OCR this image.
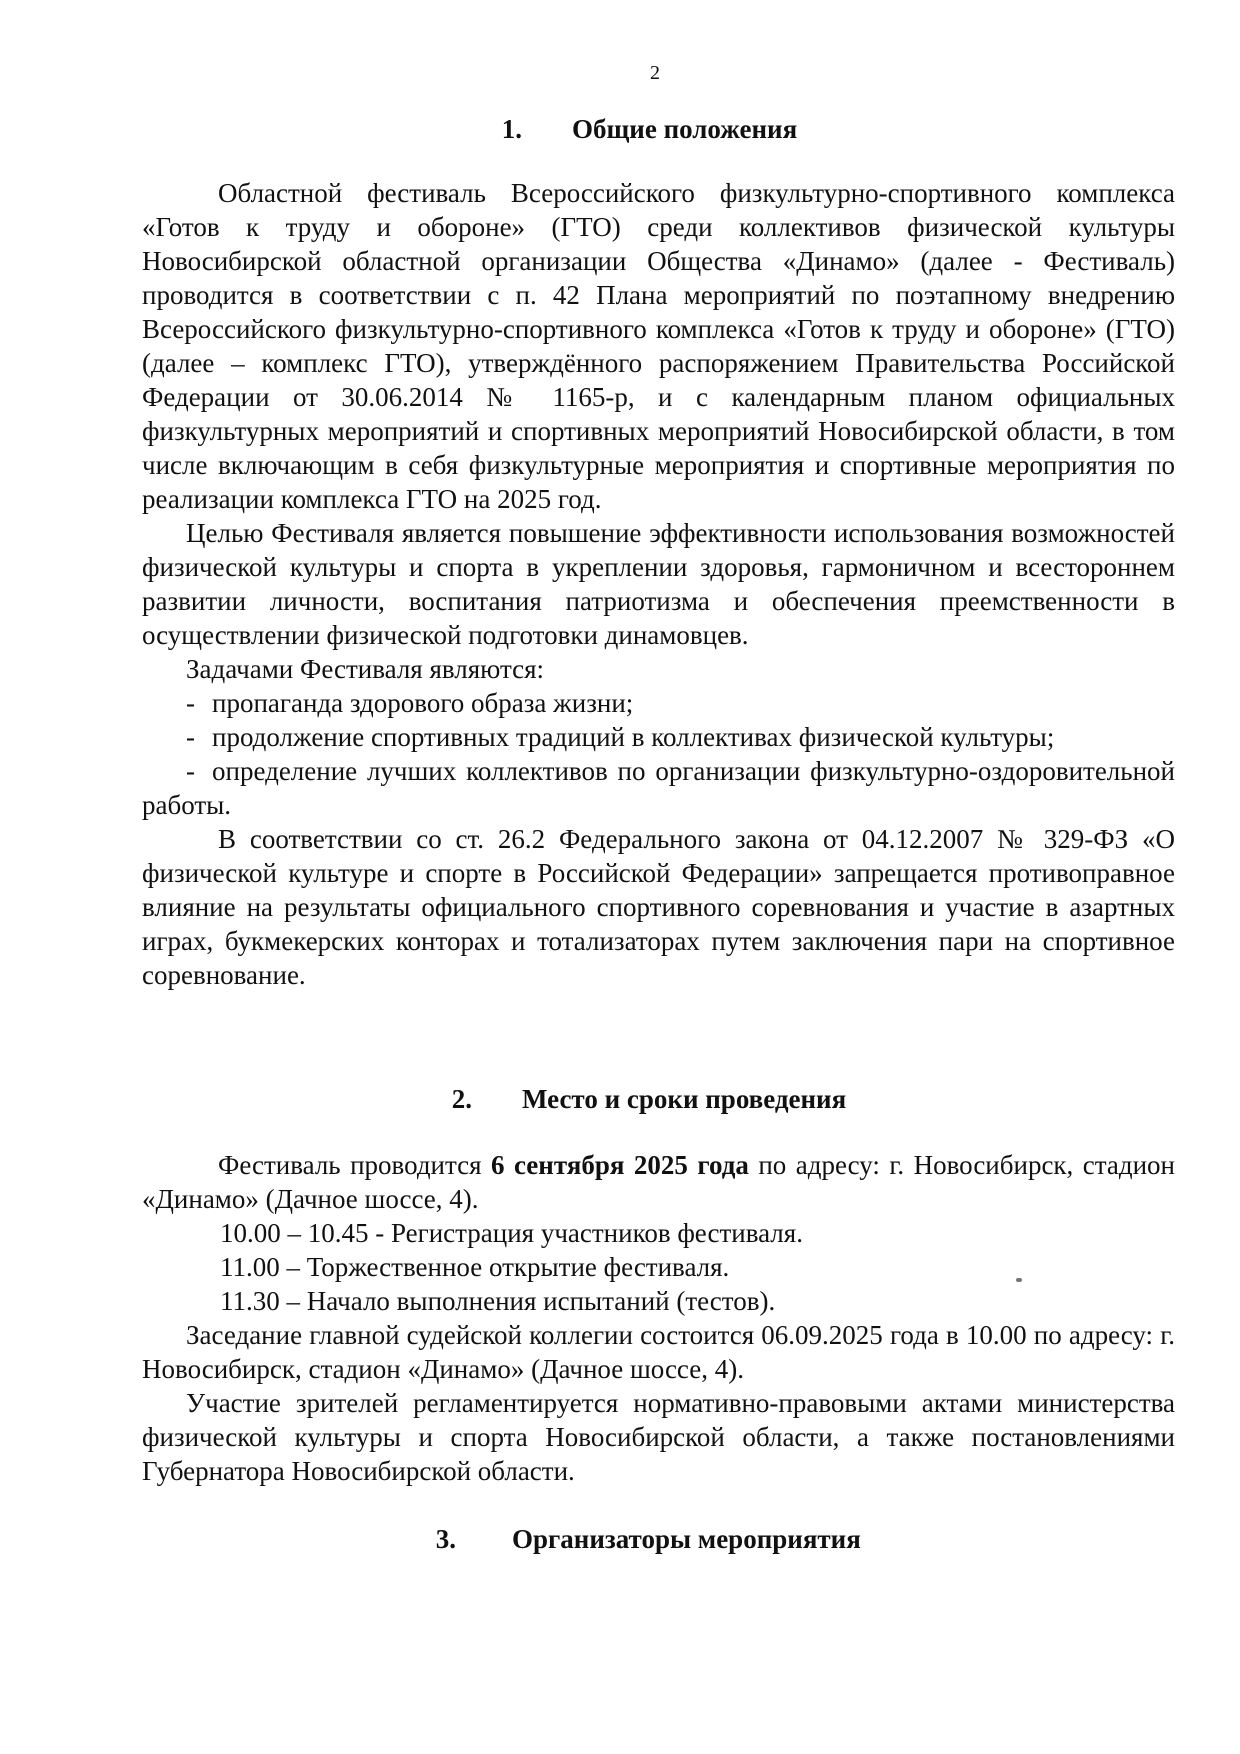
2
1. Общие положения

Областной фестиваль Всероссийского физкультурно-спортивного комплекса «Готов к труду и обороне» (ГТО) среди коллективов физической культуры Новосибирской областной организации Общества «Динамо» (далее - Фестиваль) проводится в соответствии с п. 42 Плана мероприятий по поэтапному внедрению Всероссийского физкультурно-спортивного комплекса «Готов к труду и обороне» (ГТО) (далее – комплекс ГТО), утверждённого распоряжением Правительства Российской Федерации от 30.06.2014 № 1165-р, и с календарным планом официальных физкультурных мероприятий и спортивных мероприятий Новосибирской области, в том числе включающим в себя физкультурные мероприятия и спортивные мероприятия по реализации комплекса ГТО на 2025 год.

Целью Фестиваля является повышение эффективности использования возможностей физической культуры и спорта в укреплении здоровья, гармоничном и всестороннем развитии личности, воспитания патриотизма и обеспечения преемственности в осуществлении физической подготовки динамовцев.

Задачами Фестиваля являются:

- пропаганда здорового образа жизни;
- продолжение спортивных традиций в коллективах физической культуры;
- определение лучших коллективов по организации физкультурно-оздоровительной работы.

В соответствии со ст. 26.2 Федерального закона от 04.12.2007 № 329-ФЗ «О физической культуре и спорте в Российской Федерации» запрещается противоправное влияние на результаты официального спортивного соревнования и участие в азартных играх, букмекерских конторах и тотализаторах путем заключения пари на спортивное соревнование.

2. Место и сроки проведения

Фестиваль проводится 6 сентября 2025 года по адресу: г. Новосибирск, стадион «Динамо» (Дачное шоссе, 4).

10.00 – 10.45 - Регистрация участников фестиваля.
11.00 – Торжественное открытие фестиваля.
11.30 – Начало выполнения испытаний (тестов).

Заседание главной судейской коллегии состоится 06.09.2025 года в 10.00 по адресу: г. Новосибирск, стадион «Динамо» (Дачное шоссе, 4).

Участие зрителей регламентируется нормативно-правовыми актами министерства физической культуры и спорта Новосибирской области, а также постановлениями Губернатора Новосибирской области.

3. Организаторы мероприятия
